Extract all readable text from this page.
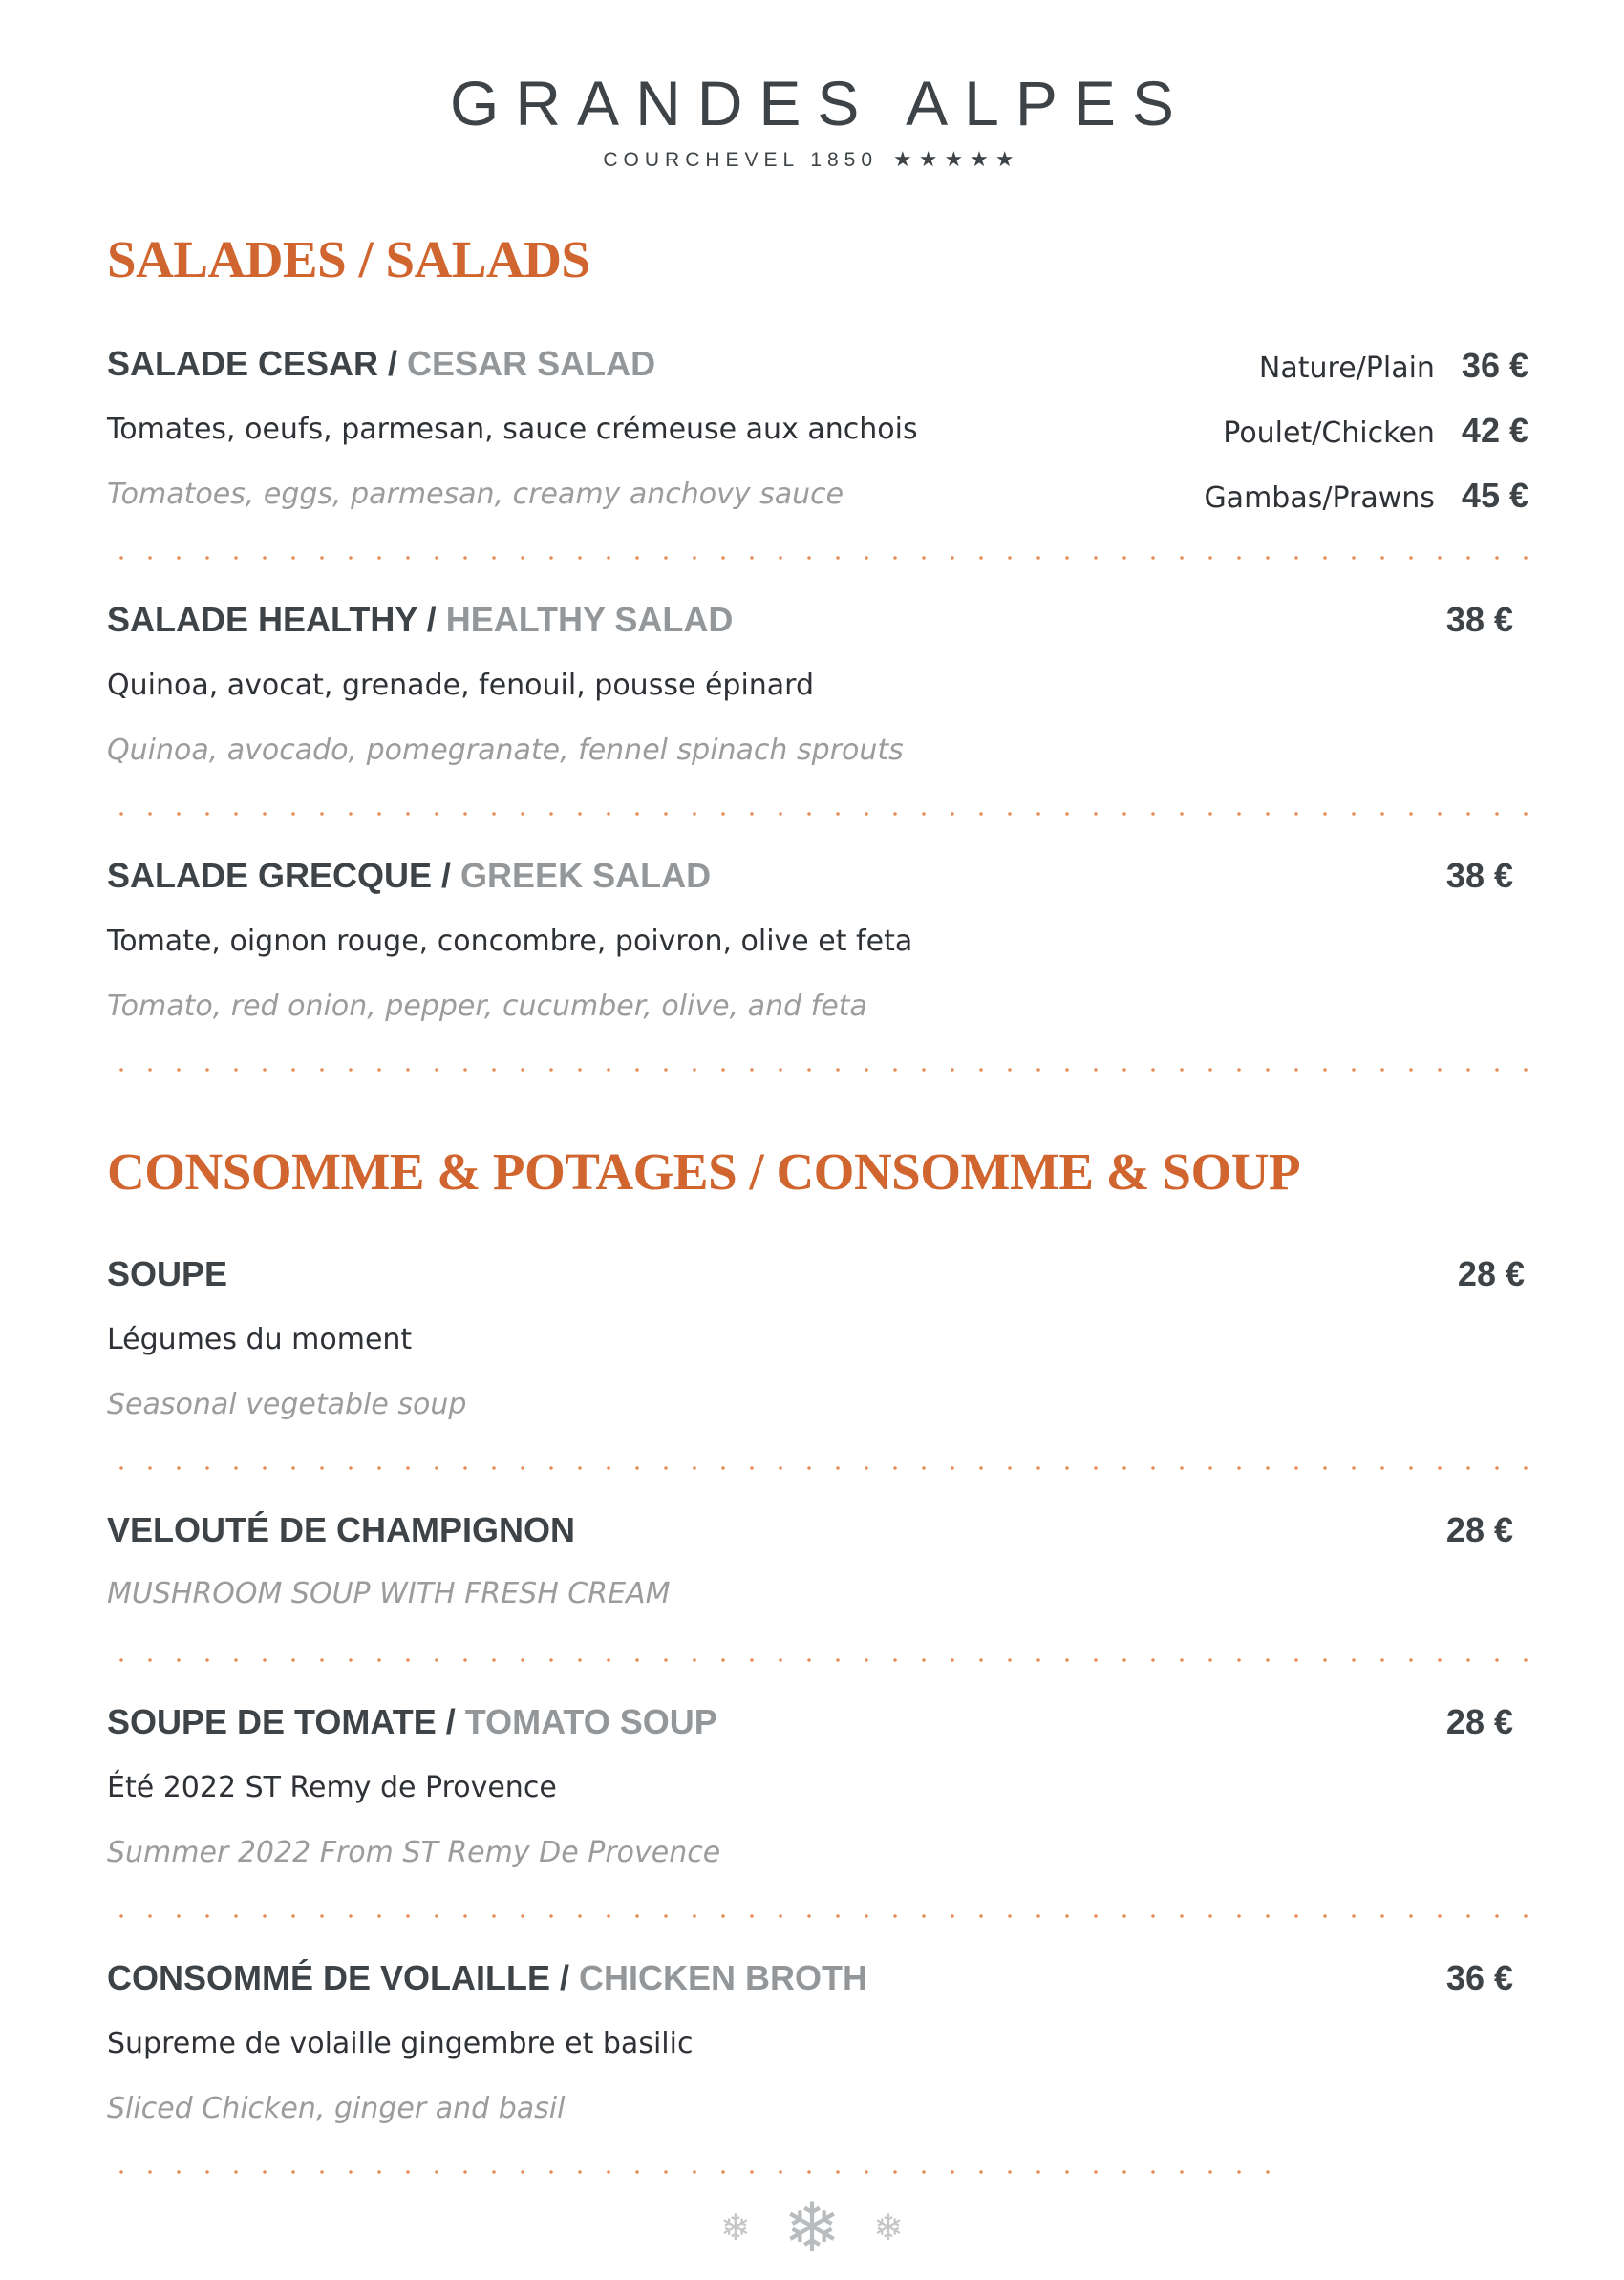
GRANDES ALPES
COURCHEVEL 1850 ★★★★★
SALADES / SALADS
SALADE CESAR / CESAR SALAD
Tomates, oeufs, parmesan, sauce crémeuse aux anchois
Tomatoes, eggs, parmesan, creamy anchovy sauce
Nature/Plain 36 €
Poulet/Chicken 42 €
Gambas/Prawns 45 €
SALADE HEALTHY / HEALTHY SALAD	38 €
Quinoa, avocat, grenade, fenouil, pousse épinard
Quinoa, avocado, pomegranate, fennel spinach sprouts
SALADE GRECQUE / GREEK SALAD	38 €
Tomate, oignon rouge, concombre, poivron, olive et feta
Tomato, red onion, pepper, cucumber, olive, and feta
CONSOMME & POTAGES / CONSOMME & SOUP
SOUPE	28 €
Légumes du moment
Seasonal vegetable soup
VELOUTÉ DE CHAMPIGNON	28 €
MUSHROOM SOUP WITH FRESH CREAM
SOUPE DE TOMATE / TOMATO SOUP	28 €
Été 2022 ST Remy de Provence
Summer 2022 From ST Remy De Provence
CONSOMMÉ DE VOLAILLE / CHICKEN BROTH	36 €
Supreme de volaille gingembre et basilic
Sliced Chicken, ginger and basil
❄ ❄ ❄
